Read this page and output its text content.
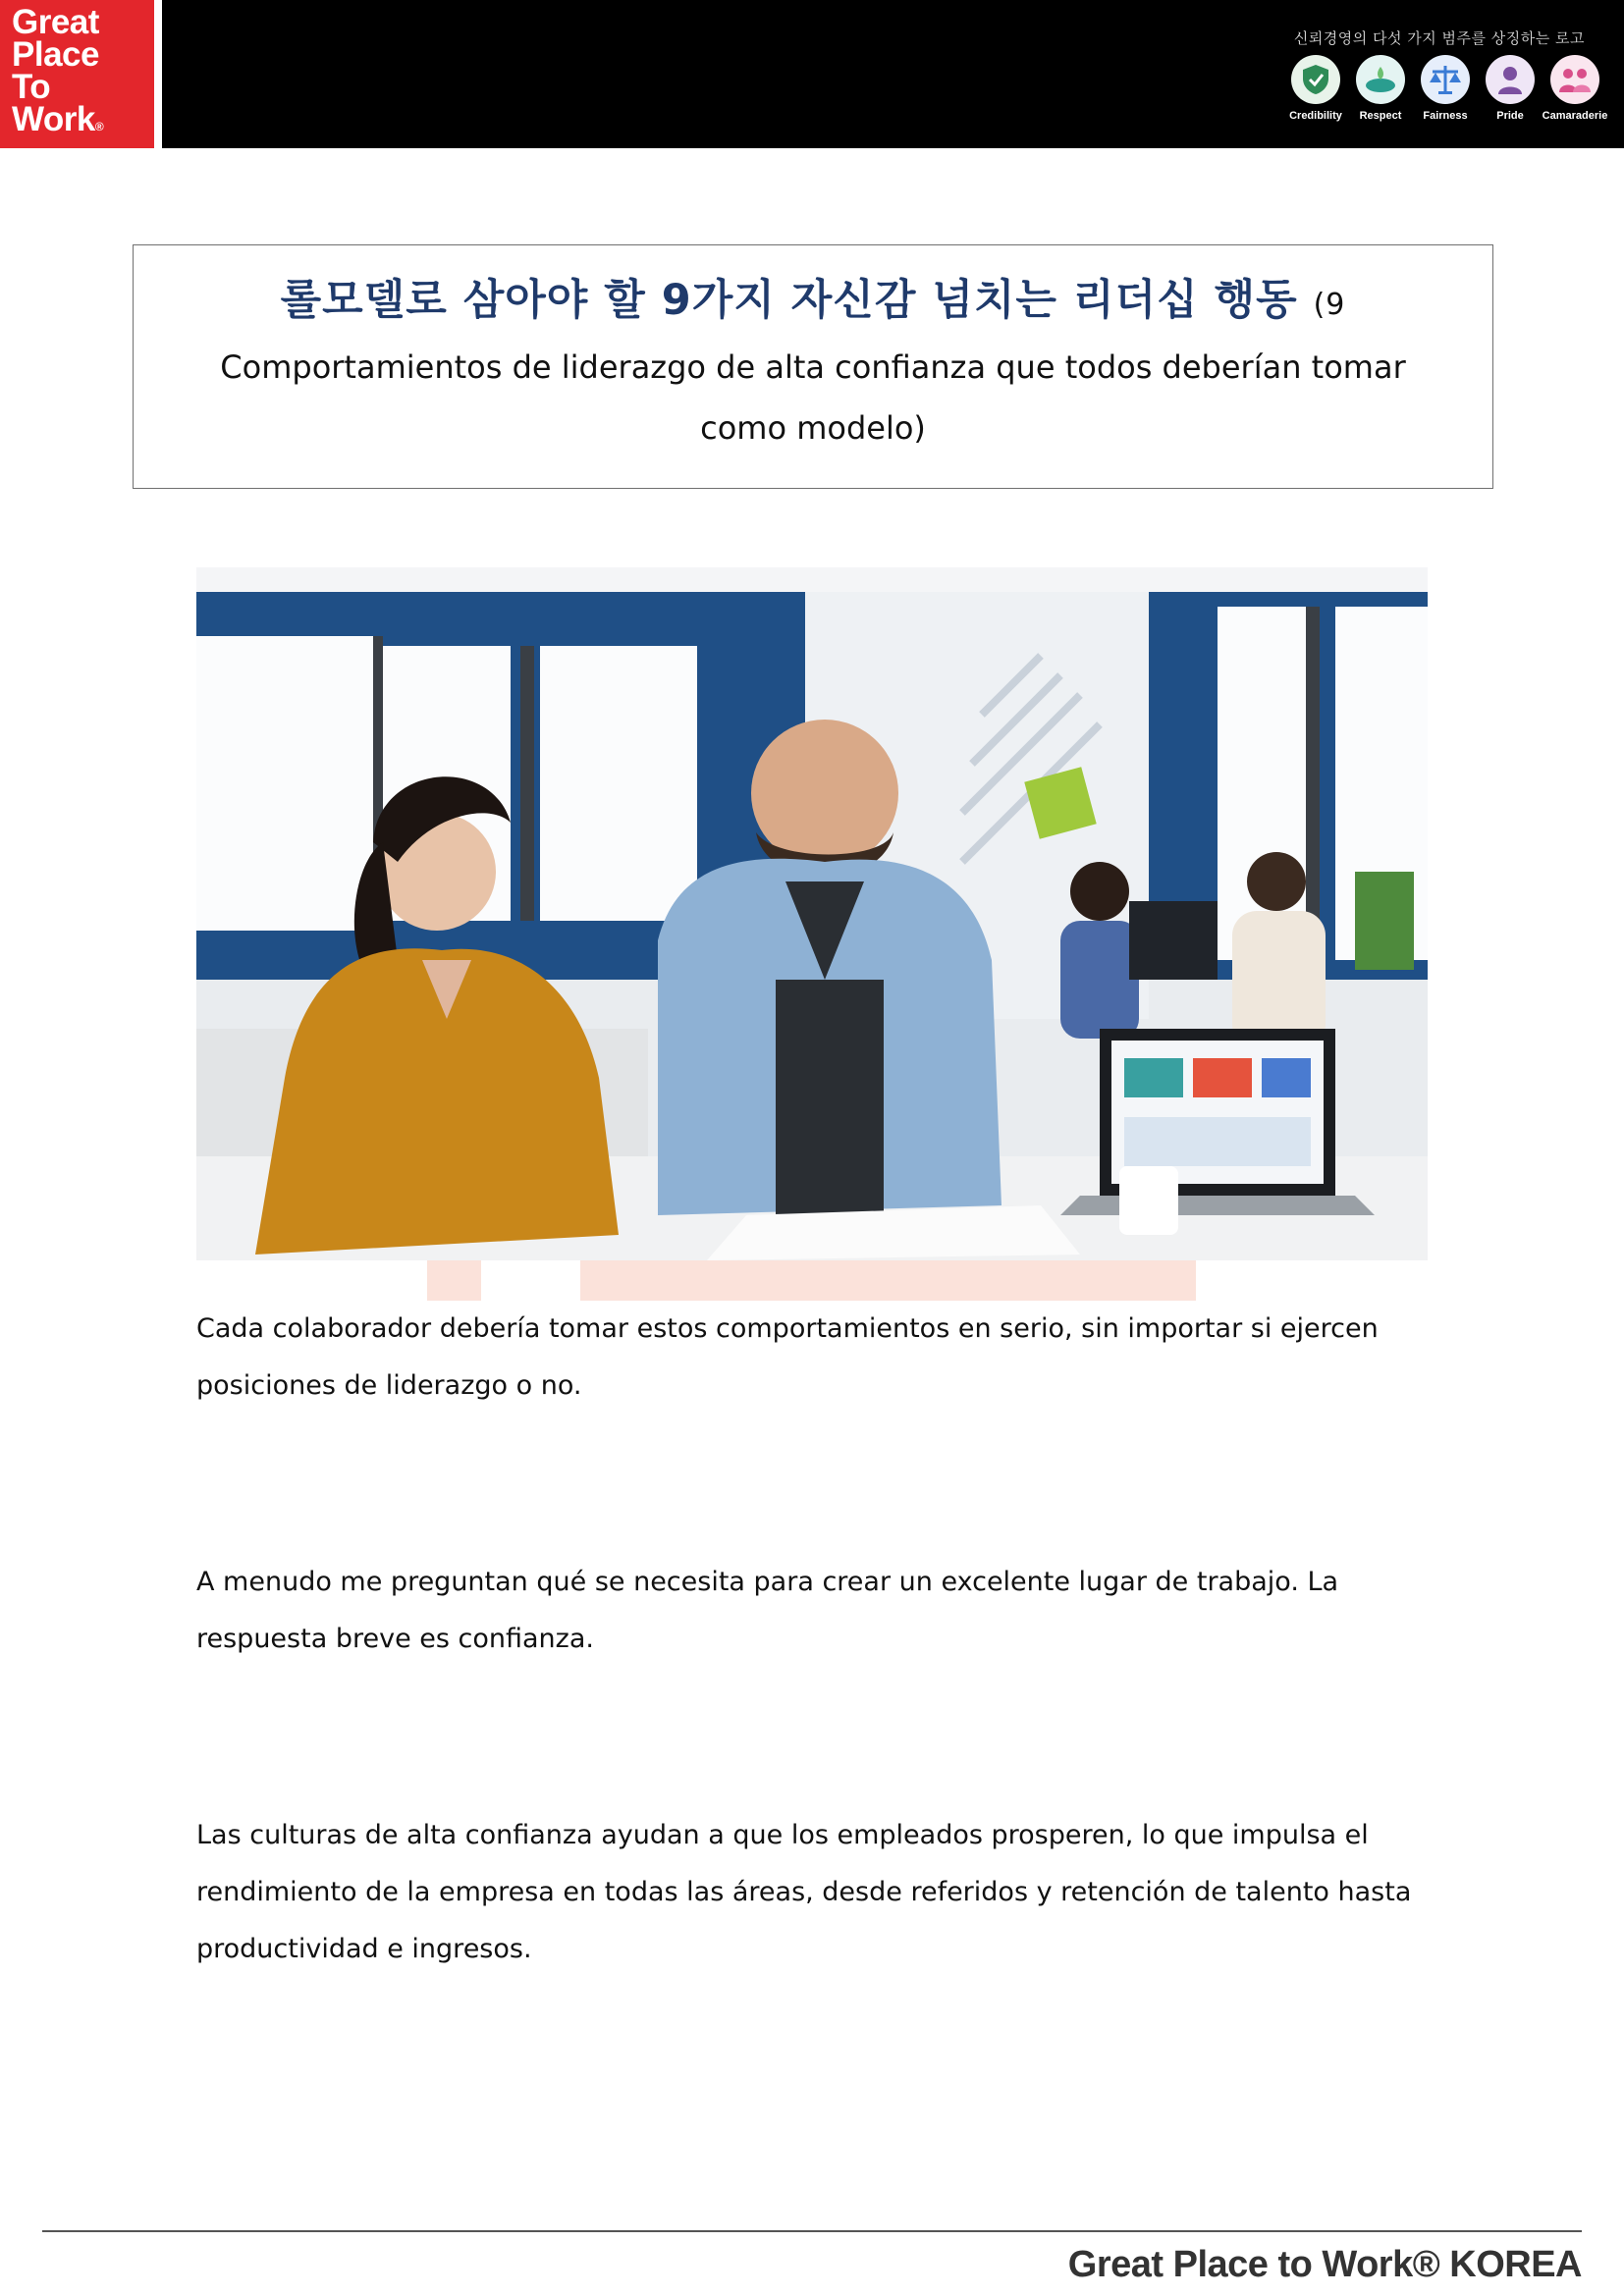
Great
Place
To
Work®
신뢰경영의 다섯 가지 범주를 상징하는 로고
Credibility Respect Fairness	Pride Camaraderie
롤모델로 삼아야 할 9가지 자신감 넘치는 리더십 행동 (9
Comportamientos de liderazgo de alta confianza que todos deberían tomar como modelo)
Cada colaborador debería tomar estos comportamientos en serio, sin importar si ejercen posiciones de liderazgo o no.
A menudo me preguntan qué se necesita para crear un excelente lugar de trabajo. La respuesta breve es confianza.
Las culturas de alta confianza ayudan a que los empleados prosperen, lo que impulsa el rendimiento de la empresa en todas las áreas, desde referidos y retención de talento hasta productividad e ingresos.
Great Place to Work® KOREA
